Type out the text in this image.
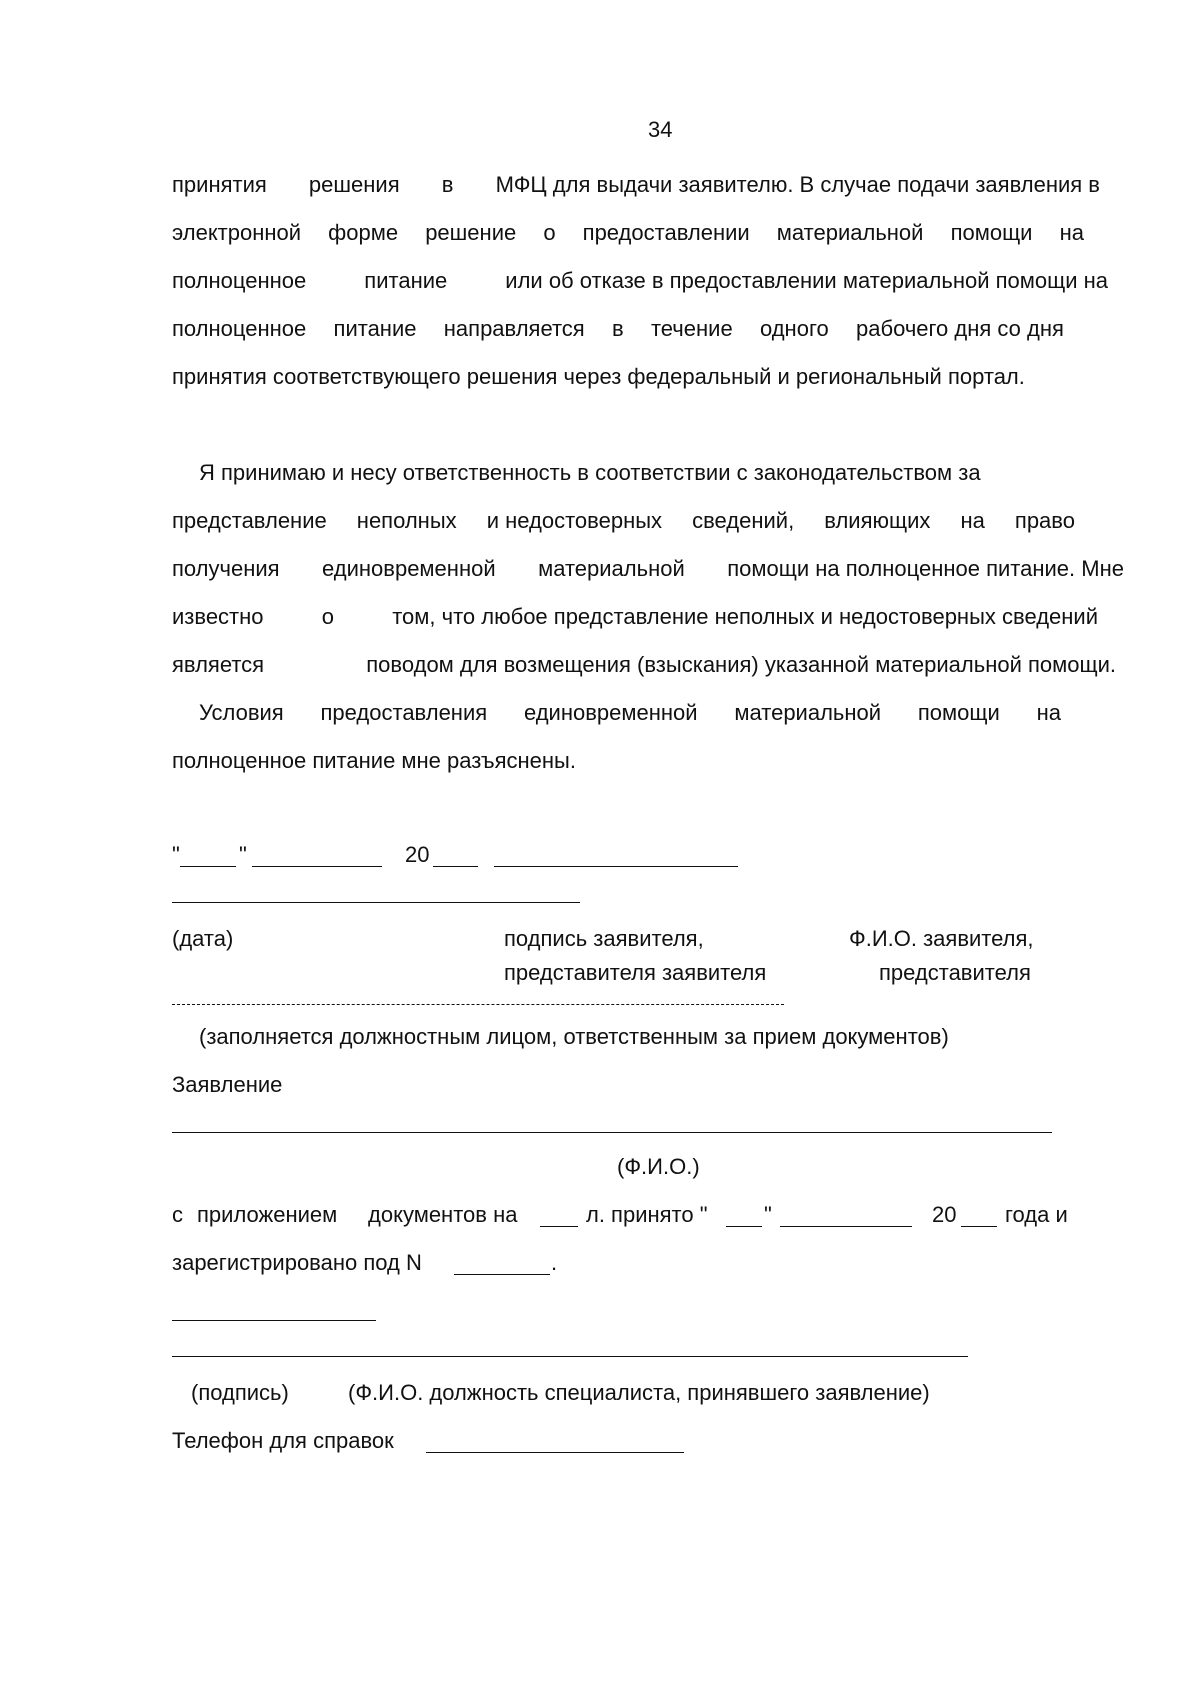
34
принятия решения в МФЦ для выдачи заявителю. В случае подачи заявления в
электронной форме решение о предоставлении материальной помощи на
полноценное	питание	или об отказе в предоставлении материальной помощи на
полноценное питание направляется в течение одного рабочего дня со дня
принятия соответствующего решения через федеральный и региональный портал.
Я принимаю и несу ответственность в соответствии с законодательством за
представление неполных и недостоверных сведений, влияющих на право
получения единовременной материальной помощи на полноценное питание. Мне
известно	о	том, что любое представление неполных и недостоверных сведений
является	поводом для возмещения (взыскания) указанной материальной помощи.
Условия предоставления единовременной материальной помощи на
полноценное питание мне разъяснены.
"	"	20
(дата)	подпись заявителя,
представителя заявителя
Ф.И.О. заявителя,
представителя
(заполняется должностным лицом, ответственным за прием документов)
Заявление
(Ф.И.О.)
с приложением документов на	л. принято "	"	20 года и
зарегистрировано под N	.
(подпись)	(Ф.И.О. должность специалиста, принявшего заявление)
Телефон для справок
